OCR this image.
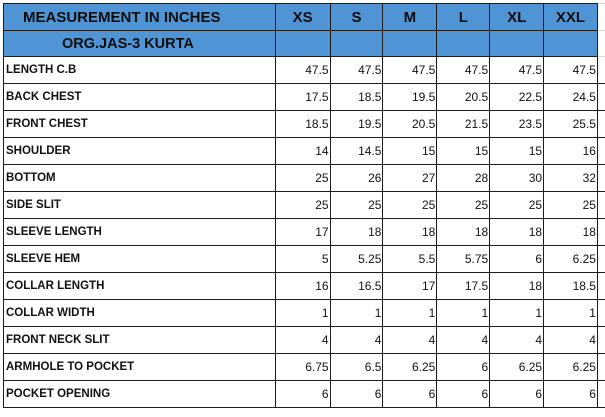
MEASUREMENT IN INCHES	XS	S	M	L	XL	XXL	
ORG.JAS-3 KURTA							
LENGTH C.B	47.5	47.5	47.5	47.5	47.5	47.5	
BACK CHEST	17.5	18.5	19.5	20.5	22.5	24.5	
FRONT CHEST	18.5	19.5	20.5	21.5	23.5	25.5	
SHOULDER	14	14.5	15	15	15	16	
BOTTOM	25	26	27	28	30	32	
SIDE SLIT	25	25	25	25	25	25	
SLEEVE LENGTH	17	18	18	18	18	18	
SLEEVE HEM	5	5.25	5.5	5.75	6	6.25	
COLLAR LENGTH	16	16.5	17	17.5	18	18.5	
COLLAR WIDTH	1	1	1	1	1	1	
FRONT NECK SLIT	4	4	4	4	4	4	
ARMHOLE TO POCKET	6.75	6.5	6.25	6	6.25	6.25	
POCKET OPENING	6	6	6	6	6	6	
